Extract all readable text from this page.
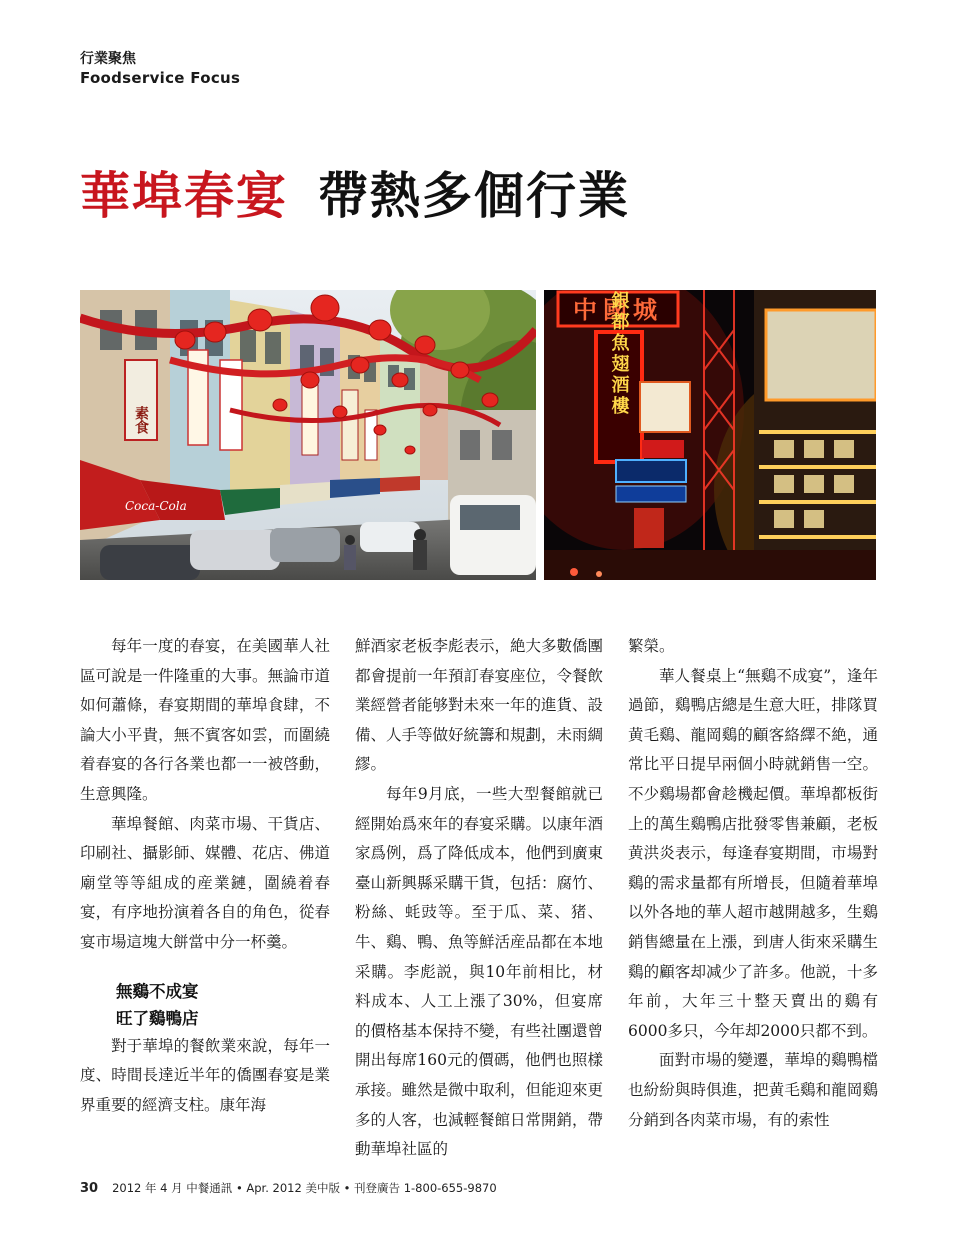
行業聚焦
Foodservice Focus
華埠春宴 帶熱多個行業
素食
Coca-Cola
中國城
銀都魚翅酒樓

每年一度的春宴，在美國華人社區可說是一件隆重的大事。無論市道如何蕭條，春宴期間的華埠食肆，不論大小平貴，無不賓客如雲，而圍繞着春宴的各行各業也都一一被啓動，生意興隆。

華埠餐館、肉菜市場、干貨店、印刷社、攝影師、媒體、花店、佛道廟堂等等組成的産業鏈，圍繞着春宴，有序地扮演着各自的角色，從春宴市場這塊大餅當中分一杯羹。

無鷄不成宴
旺了鷄鴨店

對于華埠的餐飲業來說，每年一度、時間長達近半年的僑團春宴是業界重要的經濟支柱。康年海

鮮酒家老板李彪表示，絶大多數僑團都會提前一年預訂春宴座位，令餐飲業經營者能够對未來一年的進貨、設備、人手等做好統籌和規劃，未雨綢繆。

每年9月底，一些大型餐館就已經開始爲來年的春宴采購。以康年酒家爲例，爲了降低成本，他們到廣東臺山新興縣采購干貨，包括：腐竹、粉絲、蚝豉等。至于瓜、菜、猪、牛、鷄、鴨、魚等鮮活産品都在本地采購。李彪説，與10年前相比，材料成本、人工上漲了30%，但宴席的價格基本保持不變，有些社團還曾開出每席160元的價碼，他們也照樣承接。雖然是微中取利，但能迎來更多的人客，也減輕餐館日常開銷，帶動華埠社區的

繁榮。

華人餐桌上“無鷄不成宴”，逢年過節，鷄鴨店總是生意大旺，排隊買黄毛鷄、龍岡鷄的顧客絡繹不絶，通常比平日提早兩個小時就銷售一空。不少鷄場都會趁機起價。華埠都板街上的萬生鷄鴨店批發零售兼顧，老板黄洪炎表示，每逢春宴期間，市場對鷄的需求量都有所增長，但隨着華埠以外各地的華人超市越開越多，生鷄銷售總量在上漲，到唐人街來采購生鷄的顧客却减少了許多。他説，十多年前，大年三十整天賣出的鷄有6000多只，今年却2000只都不到。

面對市場的變遷，華埠的鷄鴨檔也紛紛與時俱進，把黄毛鷄和龍岡鷄分銷到各肉菜市場，有的索性

30 2012 年 4 月 中餐通訊 • Apr. 2012 美中版 • 刊登廣告 1-800-655-9870
